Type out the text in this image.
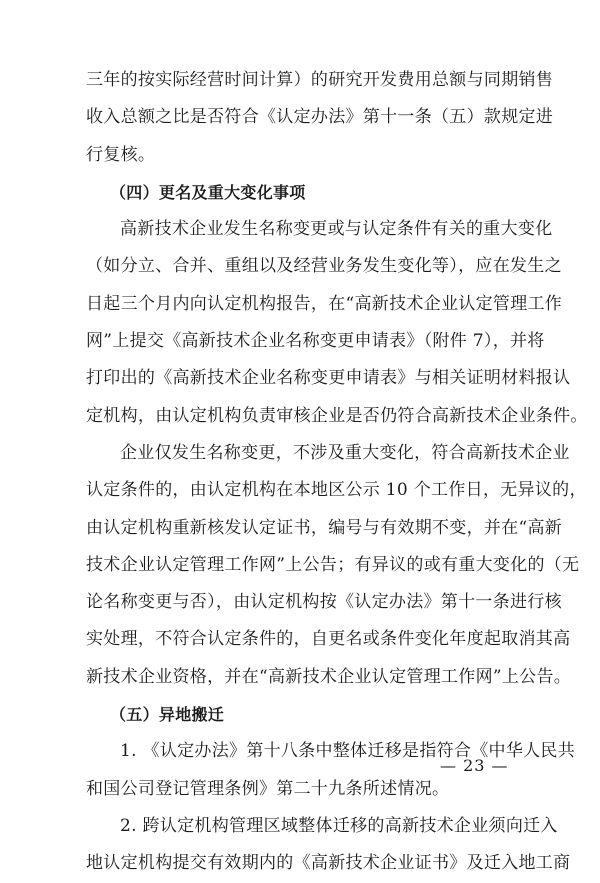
三年的按实际经营时间计算）的研究开发费用总额与同期销售
收入总额之比是否符合《认定办法》第十一条（五）款规定进
行复核。
（四）更名及重大变化事项
高新技术企业发生名称变更或与认定条件有关的重大变化
（如分立、合并、重组以及经营业务发生变化等），应在发生之
日起三个月内向认定机构报告，在“高新技术企业认定管理工作
网”上提交《高新技术企业名称变更申请表》（附件 7），并将
打印出的《高新技术企业名称变更申请表》与相关证明材料报认
定机构，由认定机构负责审核企业是否仍符合高新技术企业条件。
企业仅发生名称变更，不涉及重大变化，符合高新技术企业
认定条件的，由认定机构在本地区公示 10 个工作日，无异议的，
由认定机构重新核发认定证书，编号与有效期不变，并在“高新
技术企业认定管理工作网”上公告；有异议的或有重大变化的（无
论名称变更与否），由认定机构按《认定办法》第十一条进行核
实处理，不符合认定条件的，自更名或条件变化年度起取消其高
新技术企业资格，并在“高新技术企业认定管理工作网”上公告。
（五）异地搬迁
1. 《认定办法》第十八条中整体迁移是指符合《中华人民共
和国公司登记管理条例》第二十九条所述情况。
2. 跨认定机构管理区域整体迁移的高新技术企业须向迁入
地认定机构提交有效期内的《高新技术企业证书》及迁入地工商
— 23 —
